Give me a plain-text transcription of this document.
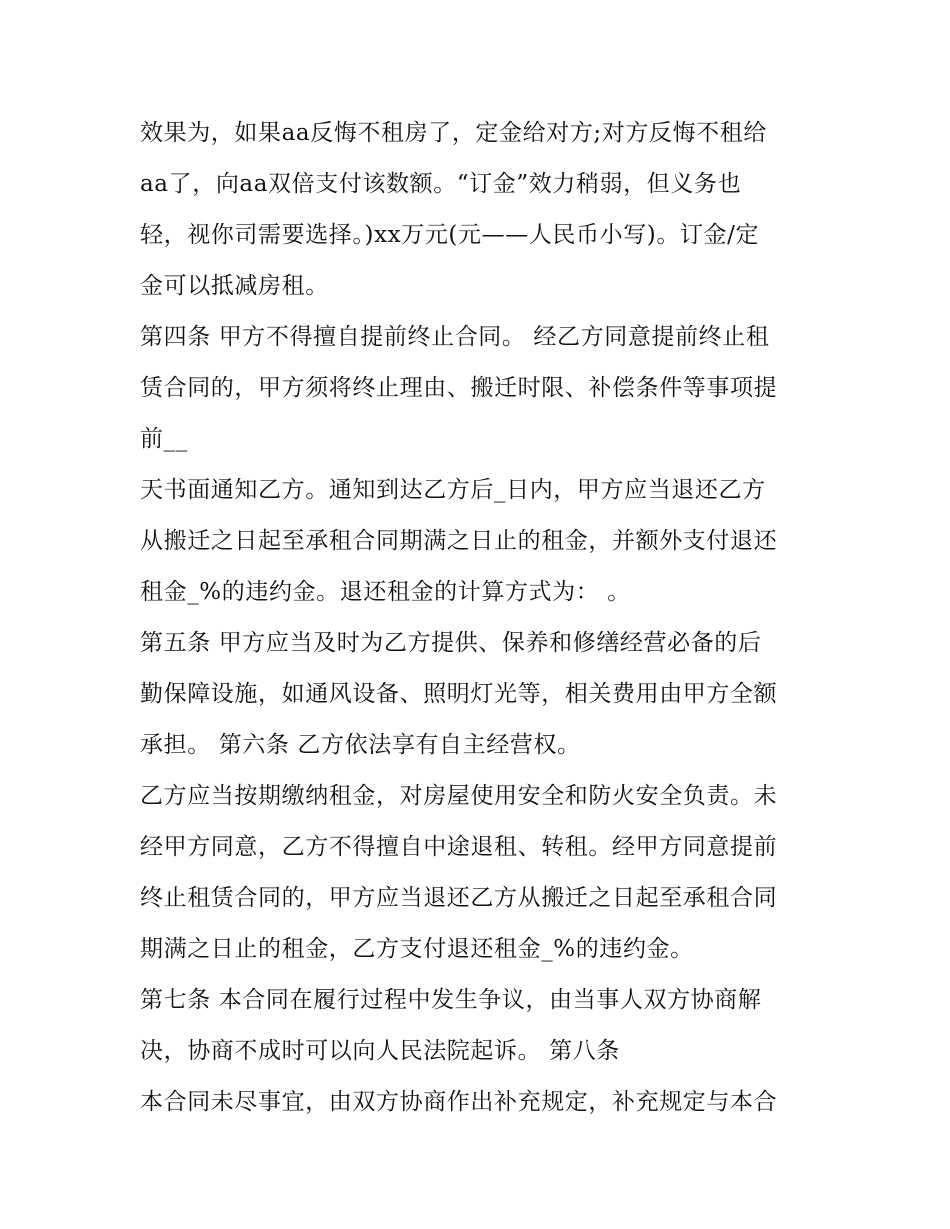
效果为，如果aa反悔不租房了，定金给对方;对方反悔不租给
aa了，向aa双倍支付该数额。“订金”效力稍弱，但义务也
轻，视你司需要选择。)xx万元(元——人民币小写)。订金/定
金可以抵减房租。
第四条 甲方不得擅自提前终止合同。 经乙方同意提前终止租
赁合同的，甲方须将终止理由、搬迁时限、补偿条件等事项提
前__
天书面通知乙方。通知到达乙方后_日内，甲方应当退还乙方
从搬迁之日起至承租合同期满之日止的租金，并额外支付退还
租金_%的违约金。退还租金的计算方式为： 。
第五条 甲方应当及时为乙方提供、保养和修缮经营必备的后
勤保障设施，如通风设备、照明灯光等，相关费用由甲方全额
承担。 第六条 乙方依法享有自主经营权。
乙方应当按期缴纳租金，对房屋使用安全和防火安全负责。未
经甲方同意，乙方不得擅自中途退租、转租。经甲方同意提前
终止租赁合同的，甲方应当退还乙方从搬迁之日起至承租合同
期满之日止的租金，乙方支付退还租金_%的违约金。
第七条 本合同在履行过程中发生争议，由当事人双方协商解
决，协商不成时可以向人民法院起诉。 第八条
本合同未尽事宜，由双方协商作出补充规定，补充规定与本合
